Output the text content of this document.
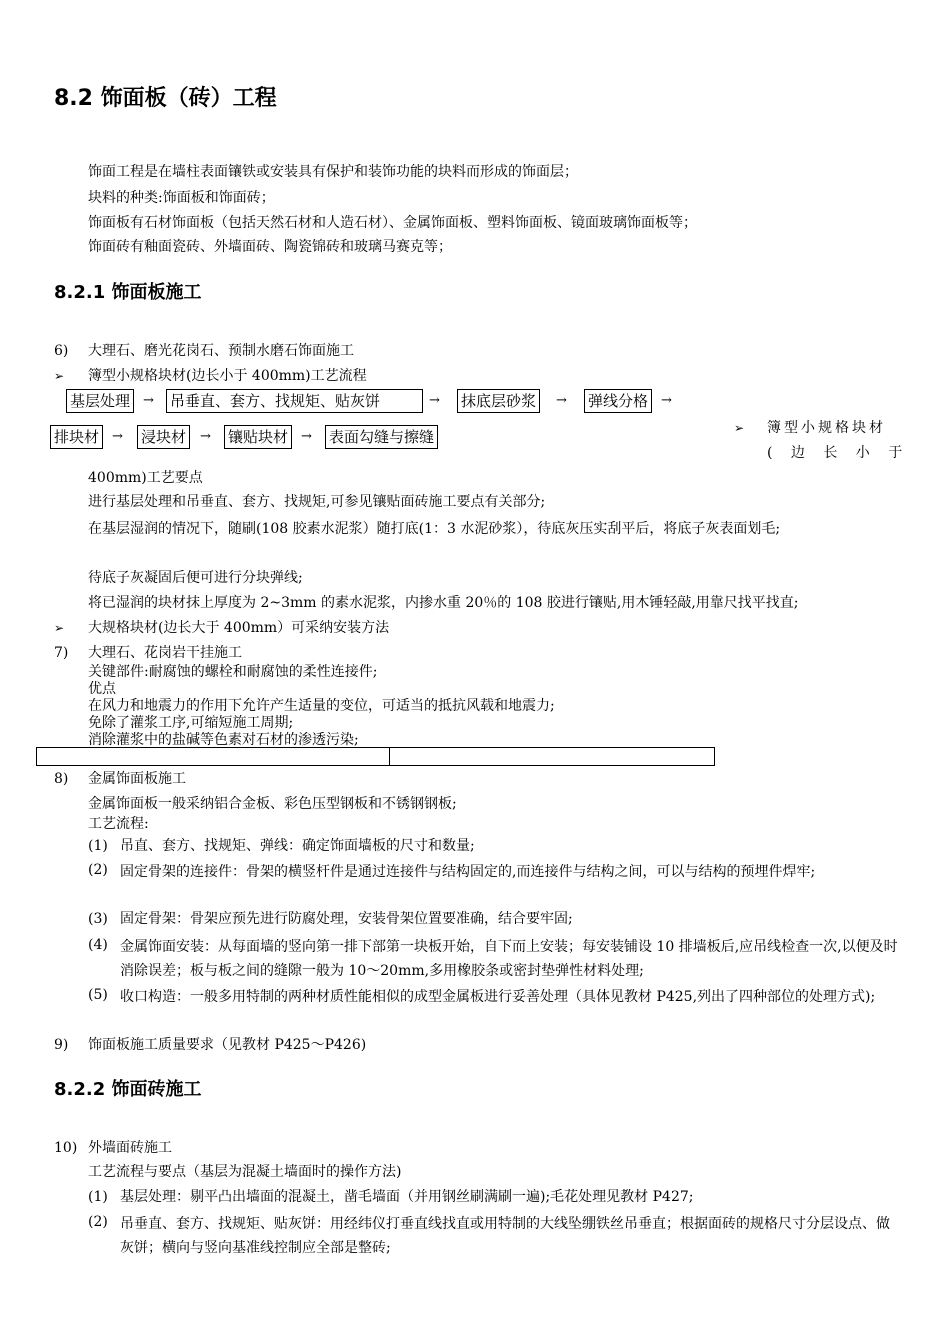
8.2 饰面板（砖）工程
饰面工程是在墙柱表面镶铁或安装具有保护和装饰功能的块料而形成的饰面层；
块料的种类:饰面板和饰面砖；
饰面板有石材饰面板（包括天然石材和人造石材）、金属饰面板、塑料饰面板、镜面玻璃饰面板等；
饰面砖有釉面瓷砖、外墙面砖、陶瓷锦砖和玻璃马赛克等；
8.2.1 饰面板施工
6) 大理石、磨光花岗石、预制水磨石饰面施工
➢ 簿型小规格块材(边长小于 400mm)工艺流程
基层处理 → 吊垂直、套方、找规矩、贴灰饼	→ 抹底层砂浆	→ 弹线分格 →
排块材 → 浸块材	→ 镶贴块材 → 表面勾缝与擦缝	➢ 簿型小规格块材
( 边 长 小 于
400mm)工艺要点
进行基层处理和吊垂直、套方、找规矩,可参见镶贴面砖施工要点有关部分;
在基层湿润的情况下，随刷(108 胶素水泥浆）随打底(1：3 水泥砂浆），待底灰压实刮平后，将底子灰表面划毛;
待底子灰凝固后便可进行分块弹线;
将已湿润的块材抹上厚度为 2~3mm 的素水泥浆，内掺水重 20％的 108 胶进行镶贴,用木锤轻敲,用靠尺找平找直;
➢ 大规格块材(边长大于 400mm）可采纳安装方法
7) 大理石、花岗岩干挂施工
关键部件:耐腐蚀的螺栓和耐腐蚀的柔性连接件;
优点
在风力和地震力的作用下允许产生适量的变位，可适当的抵抗风载和地震力;
免除了灌浆工序,可缩短施工周期;
消除灌浆中的盐碱等色素对石材的渗透污染;
8) 金属饰面板施工
金属饰面板一般采纳铝合金板、彩色压型钢板和不锈钢钢板;
工艺流程:
(1) 吊直、套方、找规矩、弹线：确定饰面墙板的尺寸和数量;
(2) 固定骨架的连接件：骨架的横竖杆件是通过连接件与结构固定的,而连接件与结构之间，可以与结构的预埋件焊牢;
(3) 固定骨架：骨架应预先进行防腐处理，安装骨架位置要准确，结合要牢固;
(4) 金属饰面安装：从每面墙的竖向第一排下部第一块板开始，自下而上安装；每安装铺设 10 排墙板后,应吊线检查一次,以便及时消除误差；板与板之间的缝隙一般为 10～20mm,多用橡胶条或密封垫弹性材料处理;
(5) 收口构造：一般多用特制的两种材质性能相似的成型金属板进行妥善处理（具体见教材 P425,列出了四种部位的处理方式);
9) 饰面板施工质量要求（见教材 P425～P426)
8.2.2 饰面砖施工
10) 外墙面砖施工
工艺流程与要点（基层为混凝土墙面时的操作方法)
(1) 基层处理：剔平凸出墙面的混凝土，凿毛墙面（并用钢丝刷满刷一遍);毛花处理见教材 P427;
(2) 吊垂直、套方、找规矩、贴灰饼：用经纬仪打垂直线找直或用特制的大线坠绷铁丝吊垂直；根据面砖的规格尺寸分层设点、做灰饼；横向与竖向基准线控制应全部是整砖;
